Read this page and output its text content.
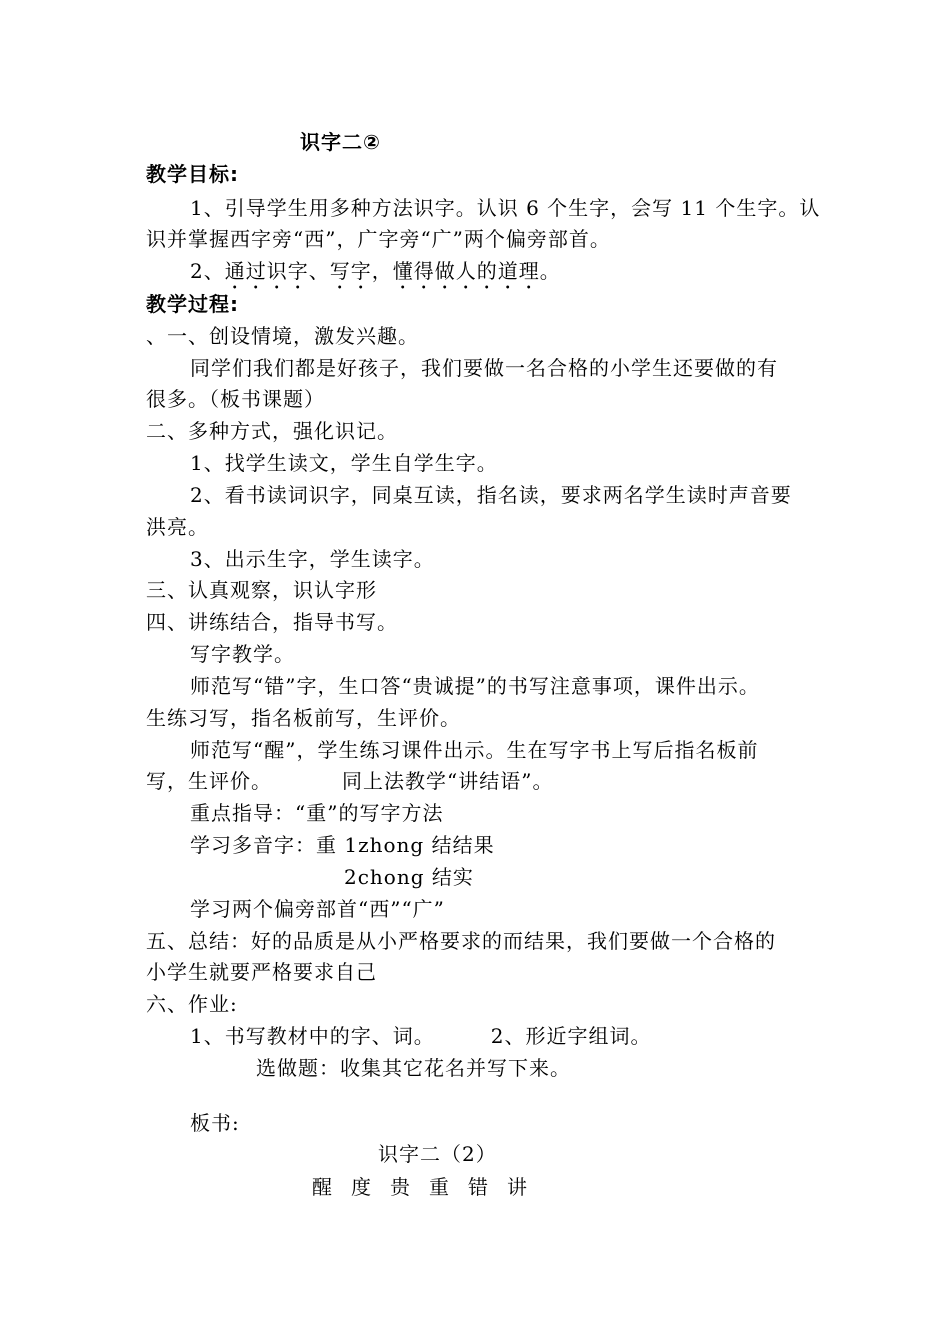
识字二②
教学目标:
1、引导学生用多种方法识字。认识 6 个生字，会写 11 个生字。认
识并掌握西字旁“西”，广字旁“广”两个偏旁部首。
2、通过识字、写字，懂得做人的道理。
教学过程:
、一、创设情境，激发兴趣。
同学们我们都是好孩子，我们要做一名合格的小学生还要做的有
很多。（板书课题）
二、多种方式，强化识记。
1、找学生读文，学生自学生字。
2、看书读词识字，同桌互读，指名读，要求两名学生读时声音要
洪亮。
3、出示生字，学生读字。
三、认真观察，识认字形
四、讲练结合，指导书写。
写字教学。
师范写“错”字，生口答“贵诚提”的书写注意事项，课件出示。
生练习写，指名板前写，生评价。
师范写“醒”，学生练习课件出示。生在写字书上写后指名板前
写，生评价。	同上法教学“讲结语”。
重点指导：“重”的写字方法
学习多音字：重 1zhong 结结果
2chong 结实
学习两个偏旁部首“西”“广”
五、总结：好的品质是从小严格要求的而结果，我们要做一个合格的
小学生就要严格要求自己
六、作业:
1、书写教材中的字、词。	2、形近字组词。
选做题：收集其它花名并写下来。
板书:
识字二（2）
醒 度 贵 重 错 讲
